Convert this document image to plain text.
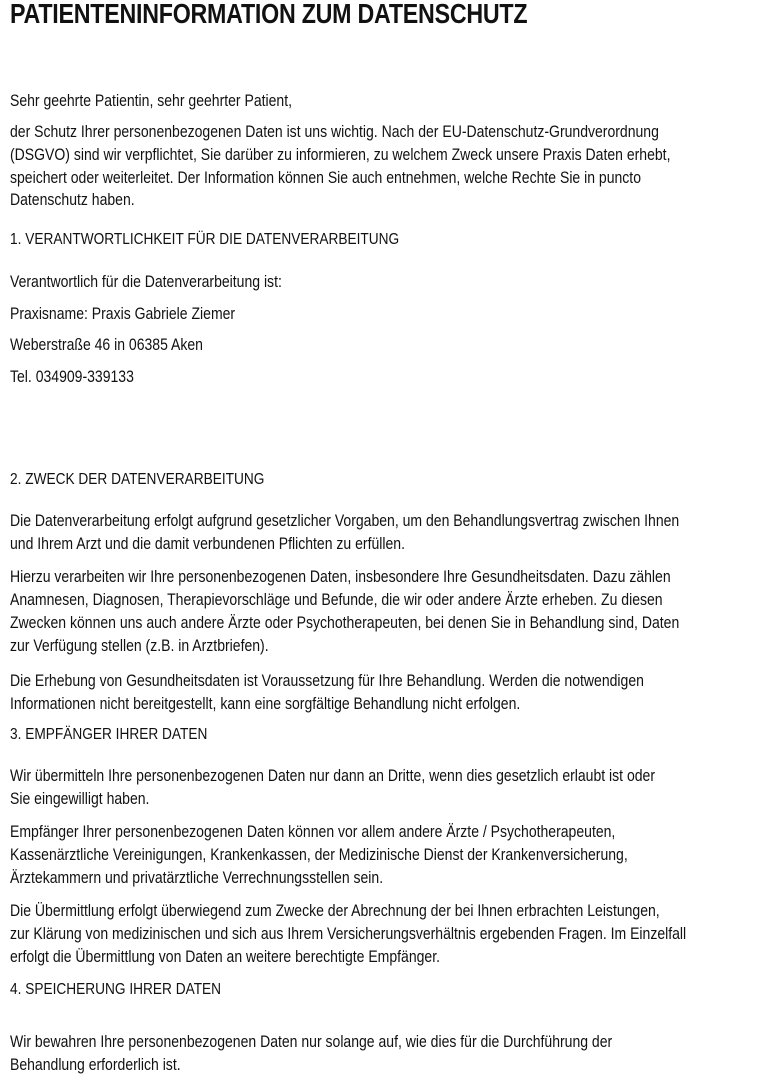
PATIENTENINFORMATION ZUM DATENSCHUTZ
Sehr geehrte Patientin, sehr geehrter Patient,
der Schutz Ihrer personenbezogenen Daten ist uns wichtig. Nach der EU-Datenschutz-Grundverordnung
(DSGVO) sind wir verpflichtet, Sie darüber zu informieren, zu welchem Zweck unsere Praxis Daten erhebt,
speichert oder weiterleitet. Der Information können Sie auch entnehmen, welche Rechte Sie in puncto
Datenschutz haben.
1. VERANTWORTLICHKEIT FÜR DIE DATENVERARBEITUNG
Verantwortlich für die Datenverarbeitung ist:
Praxisname: Praxis Gabriele Ziemer
Weberstraße 46 in 06385 Aken
Tel. 034909-339133
2. ZWECK DER DATENVERARBEITUNG
Die Datenverarbeitung erfolgt aufgrund gesetzlicher Vorgaben, um den Behandlungsvertrag zwischen Ihnen
und Ihrem Arzt und die damit verbundenen Pflichten zu erfüllen.
Hierzu verarbeiten wir Ihre personenbezogenen Daten, insbesondere Ihre Gesundheitsdaten. Dazu zählen
Anamnesen, Diagnosen, Therapievorschläge und Befunde, die wir oder andere Ärzte erheben. Zu diesen
Zwecken können uns auch andere Ärzte oder Psychotherapeuten, bei denen Sie in Behandlung sind, Daten
zur Verfügung stellen (z.B. in Arztbriefen).
Die Erhebung von Gesundheitsdaten ist Voraussetzung für Ihre Behandlung. Werden die notwendigen
Informationen nicht bereitgestellt, kann eine sorgfältige Behandlung nicht erfolgen.
3. EMPFÄNGER IHRER DATEN
Wir übermitteln Ihre personenbezogenen Daten nur dann an Dritte, wenn dies gesetzlich erlaubt ist oder
Sie eingewilligt haben.
Empfänger Ihrer personenbezogenen Daten können vor allem andere Ärzte / Psychotherapeuten,
Kassenärztliche Vereinigungen, Krankenkassen, der Medizinische Dienst der Krankenversicherung,
Ärztekammern und privatärztliche Verrechnungsstellen sein.
Die Übermittlung erfolgt überwiegend zum Zwecke der Abrechnung der bei Ihnen erbrachten Leistungen,
zur Klärung von medizinischen und sich aus Ihrem Versicherungsverhältnis ergebenden Fragen. Im Einzelfall
erfolgt die Übermittlung von Daten an weitere berechtigte Empfänger.
4. SPEICHERUNG IHRER DATEN
Wir bewahren Ihre personenbezogenen Daten nur solange auf, wie dies für die Durchführung der
Behandlung erforderlich ist.
